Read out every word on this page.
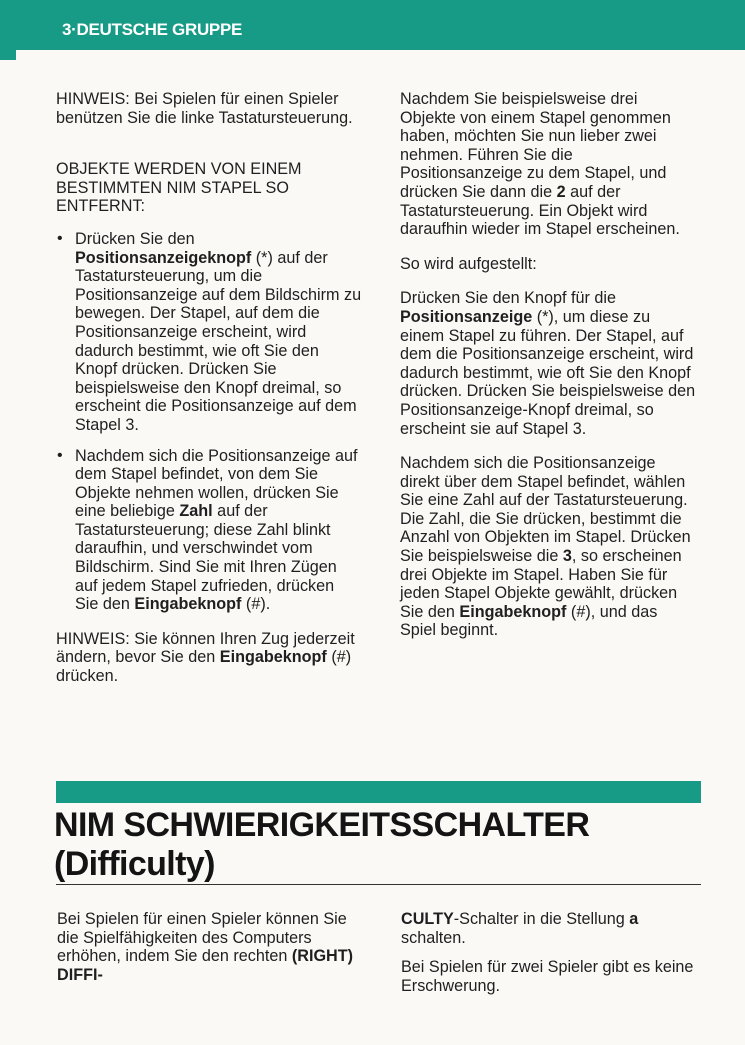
3·DEUTSCHE GRUPPE

HINWEIS: Bei Spielen für einen Spieler benützen Sie die linke Tastatursteuerung.

OBJEKTE WERDEN VON EINEM BESTIMMTEN NIM STAPEL SO ENTFERNT:

• Drücken Sie den Positionsanzeigeknopf (*) auf der Tastatursteuerung, um die Positionsanzeige auf dem Bildschirm zu bewegen. Der Stapel, auf dem die Positionsanzeige erscheint, wird dadurch bestimmt, wie oft Sie den Knopf drücken. Drücken Sie beispielsweise den Knopf dreimal, so erscheint die Positionsanzeige auf dem Stapel 3.
• Nachdem sich die Positionsanzeige auf dem Stapel befindet, von dem Sie Objekte nehmen wollen, drücken Sie eine beliebige Zahl auf der Tastatursteuerung; diese Zahl blinkt daraufhin, und verschwindet vom Bildschirm. Sind Sie mit Ihren Zügen auf jedem Stapel zufrieden, drücken Sie den Eingabeknopf (#).

HINWEIS: Sie können Ihren Zug jederzeit ändern, bevor Sie den Eingabeknopf (#) drücken.

Nachdem Sie beispielsweise drei Objekte von einem Stapel genommen haben, möchten Sie nun lieber zwei nehmen. Führen Sie die Positionsanzeige zu dem Stapel, und drücken Sie dann die 2 auf der Tastatursteuerung. Ein Objekt wird daraufhin wieder im Stapel erscheinen.

So wird aufgestellt:

Drücken Sie den Knopf für die Positionsanzeige (*), um diese zu einem Stapel zu führen. Der Stapel, auf dem die Positionsanzeige erscheint, wird dadurch bestimmt, wie oft Sie den Knopf drücken. Drücken Sie beispielsweise den Positionsanzeige-Knopf dreimal, so erscheint sie auf Stapel 3.

Nachdem sich die Positionsanzeige direkt über dem Stapel befindet, wählen Sie eine Zahl auf der Tastatursteuerung. Die Zahl, die Sie drücken, bestimmt die Anzahl von Objekten im Stapel. Drücken Sie beispielsweise die 3, so erscheinen drei Objekte im Stapel. Haben Sie für jeden Stapel Objekte gewählt, drücken Sie den Eingabeknopf (#), und das Spiel beginnt.

NIM SCHWIERIGKEITSSCHALTER
(Difficulty)

Bei Spielen für einen Spieler können Sie die Spielfähigkeiten des Computers erhöhen, indem Sie den rechten (RIGHT) DIFFI-

CULTY-Schalter in die Stellung a schalten.

Bei Spielen für zwei Spieler gibt es keine Erschwerung.
